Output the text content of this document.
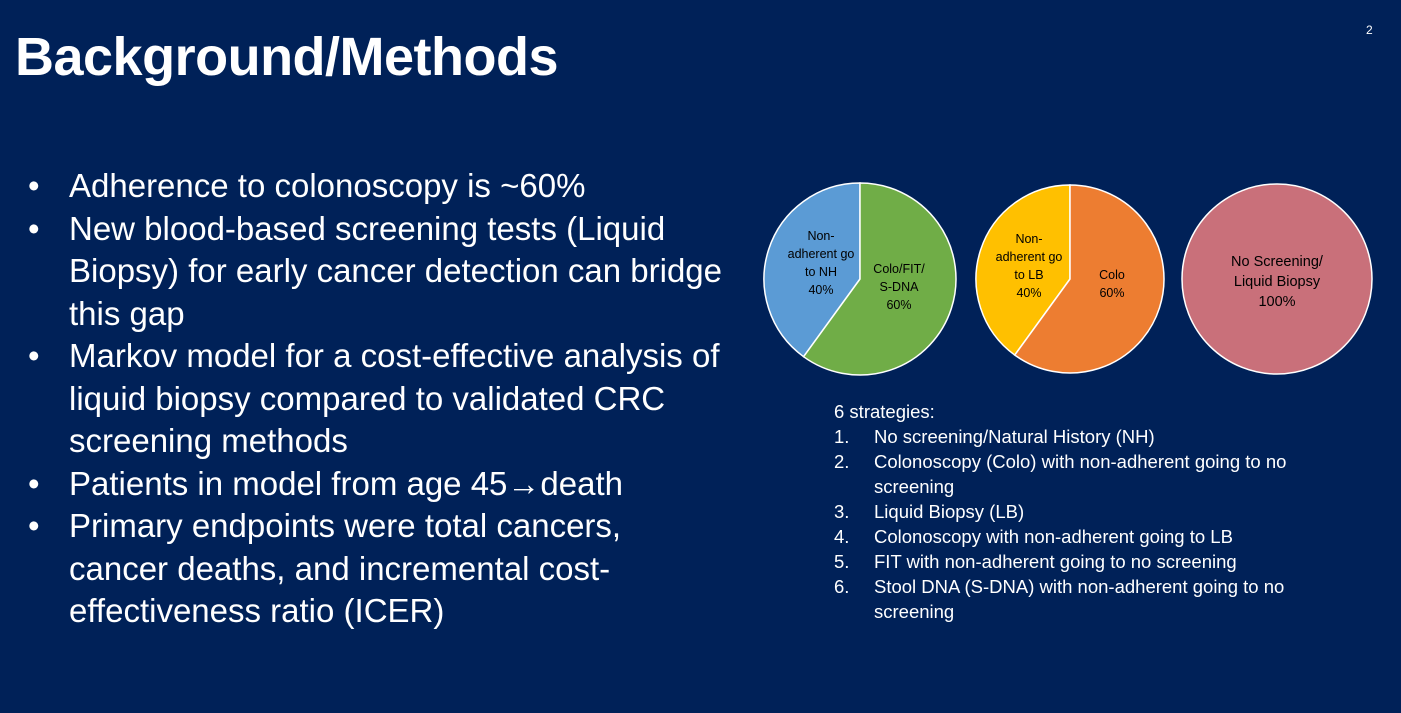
2
Background/Methods
• Adherence to colonoscopy is ~60%
• New blood-based screening tests (Liquid Biopsy) for early cancer detection can bridge this gap
• Markov model for a cost-effective analysis of liquid biopsy compared to validated CRC screening methods
• Patients in model from age 45→death
• Primary endpoints were total cancers, cancer deaths, and incremental cost-effectiveness ratio (ICER)
Non-adherent go to NH 40%
Colo/FIT/ S-DNA 60%
Non-adherent go to LB 40%
Colo 60%
No Screening/ Liquid Biopsy 100%
6 strategies:
1. No screening/Natural History (NH)
2. Colonoscopy (Colo) with non-adherent going to no screening
3. Liquid Biopsy (LB)
4. Colonoscopy with non-adherent going to LB
5. FIT with non-adherent going to no screening
6. Stool DNA (S-DNA) with non-adherent going to no screening
